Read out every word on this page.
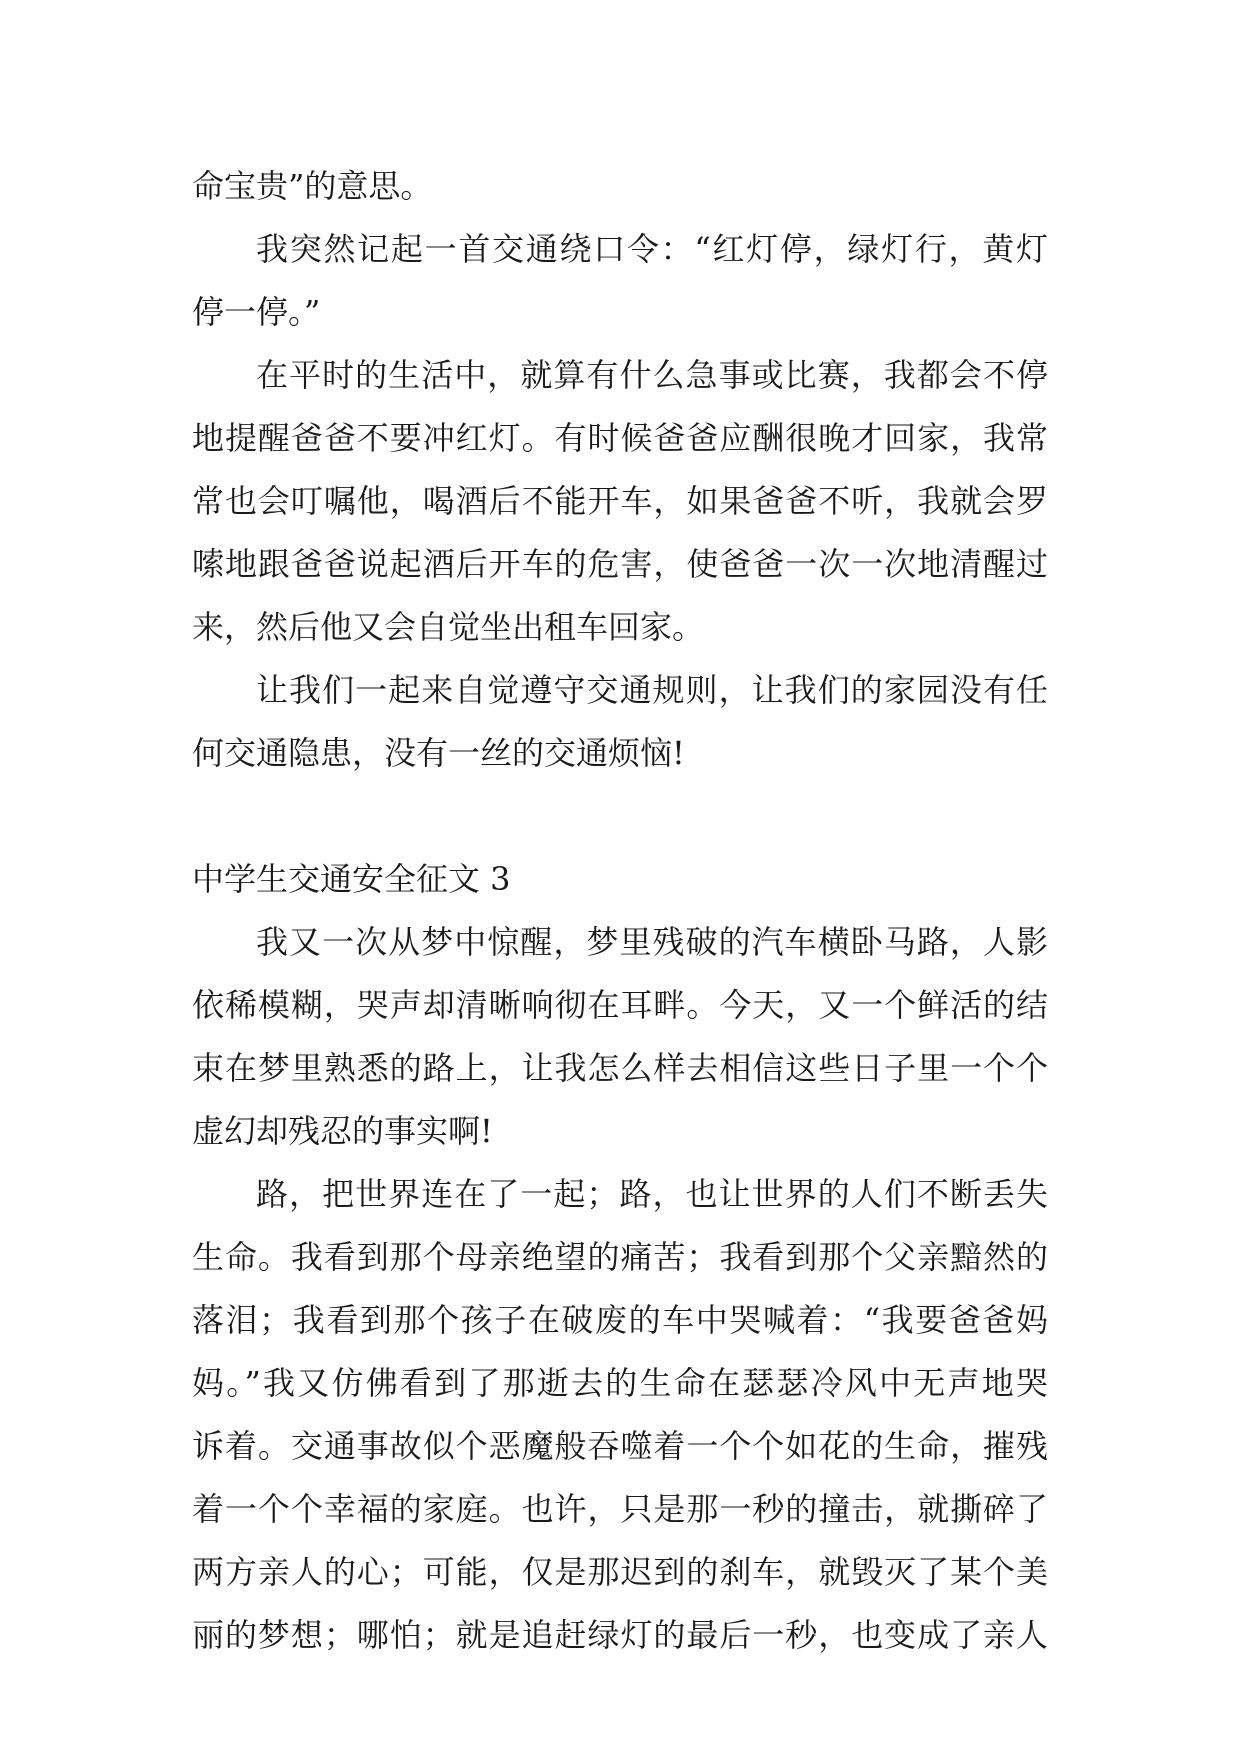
命宝贵”的意思。
我突然记起一首交通绕口令：“红灯停，绿灯行，黄灯
停一停。”
在平时的生活中，就算有什么急事或比赛，我都会不停
地提醒爸爸不要冲红灯。有时候爸爸应酬很晚才回家，我常
常也会叮嘱他，喝酒后不能开车，如果爸爸不听，我就会罗
嗦地跟爸爸说起酒后开车的危害，使爸爸一次一次地清醒过
来，然后他又会自觉坐出租车回家。
让我们一起来自觉遵守交通规则，让我们的家园没有任
何交通隐患，没有一丝的交通烦恼!
中学生交通安全征文 3
我又一次从梦中惊醒，梦里残破的汽车横卧马路，人影
依稀模糊，哭声却清晰响彻在耳畔。今天，又一个鲜活的结
束在梦里熟悉的路上，让我怎么样去相信这些日子里一个个
虚幻却残忍的事实啊!
路，把世界连在了一起；路，也让世界的人们不断丢失
生命。我看到那个母亲绝望的痛苦；我看到那个父亲黯然的
落泪；我看到那个孩子在破废的车中哭喊着：“我要爸爸妈
妈。”我又仿佛看到了那逝去的生命在瑟瑟冷风中无声地哭
诉着。交通事故似个恶魔般吞噬着一个个如花的生命，摧残
着一个个幸福的家庭。也许，只是那一秒的撞击，就撕碎了
两方亲人的心；可能，仅是那迟到的刹车，就毁灭了某个美
丽的梦想；哪怕；就是追赶绿灯的最后一秒，也变成了亲人
